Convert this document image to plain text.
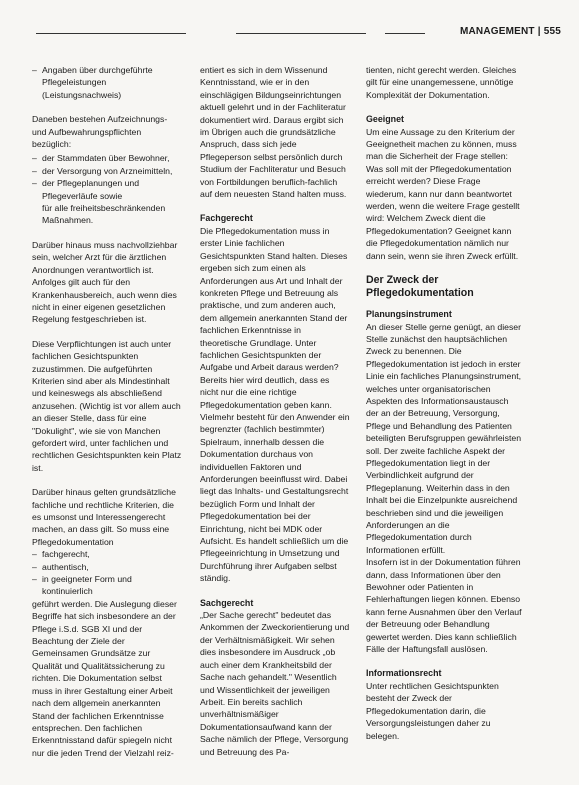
MANAGEMENT | 555
– Angaben über durchgeführte Pflegeleistungen (Leistungsnachweis)

Daneben bestehen Aufzeichnungs- und Aufbewahrungspflichten bezüglich:

– der Stammdaten über Bewohner,
– der Versorgung von Arzneimitteln,
– der Pflegeplanungen und Pflegeverläufe sowie

für alle freiheitsbeschränkenden Maßnahmen.

Darüber hinaus muss nachvollziehbar sein, welcher Arzt für die ärztlichen Anordnungen verantwortlich ist. Anfolges gilt auch für den Krankenhausbereich, auch wenn dies nicht in einer eigenen gesetzlichen Regelung festgeschrieben ist.

Diese Verpflichtungen ist auch unter fachlichen Gesichtspunkten zuzustimmen. Die aufgeführten Kriterien sind aber als Mindestinhalt und keineswegs als abschließend anzusehen. (Wichtig ist vor allem auch an dieser Stelle, dass für eine "Dokulight", wie sie von Manchen gefordert wird, unter fachlichen und rechtlichen Gesichtspunkten kein Platz ist.

Darüber hinaus gelten grundsätzliche fachliche und rechtliche Kriterien, die es umsonst und Interessengerecht machen, an dass gilt. So muss eine Pflegedokumentation

– fachgerecht,
– authentisch,
– in geeigneter Form und kontinuierlich

geführt werden. Die Auslegung dieser Begriffe hat sich insbesondere an der Pflege i.S.d. SGB XI und der Beachtung der Ziele der Gemeinsamen Grundsätze zur Qualität und Qualitätssicherung zu richten. Die Dokumentation selbst muss in ihrer Gestaltung einer Arbeit nach dem allgemein anerkannten Stand der fachlichen Erkenntnisse entsprechen. Den fachlichen Erkenntnisstand dafür spiegeln nicht nur die jeden Trend der Vielzahl reiz-

entiert es sich in dem Wissenund Kenntnisstand, wie er in den einschlägigen Bildungseinrichtungen aktuell gelehrt und in der Fachliteratur dokumentiert wird. Daraus ergibt sich im Übrigen auch die grundsätzliche Anspruch, dass sich jede Pflegeperson selbst persönlich durch Studium der Fachliteratur und Besuch von Fortbildungen beruflich-fachlich auf dem neuesten Stand halten muss.

Fachgerecht

Die Pflegedokumentation muss in erster Linie fachlichen Gesichtspunkten Stand halten. Dieses ergeben sich zum einen als Anforderungen aus Art und Inhalt der konkreten Pflege und Betreuung als praktische, und zum anderen auch, dem allgemein anerkannten Stand der fachlichen Erkenntnisse in theoretische Grundlage. Unter fachlichen Gesichtspunkten der Aufgabe und Arbeit daraus werden? Bereits hier wird deutlich, dass es nicht nur die eine richtige Pflegedokumentation geben kann. Vielmehr besteht für den Anwender ein begrenzter (fachlich bestimmter) Spielraum, innerhalb dessen die Dokumentation durchaus von individuellen Faktoren und Anforderungen beeinflusst wird. Dabei liegt das Inhalts- und Gestaltungsrecht bezüglich Form und Inhalt der Pflegedokumentation bei der Einrichtung, nicht bei MDK oder Aufsicht. Es handelt schließlich um die Pflegeeinrichtung in Umsetzung und Durchführung ihrer Aufgaben selbst ständig.

Sachgerecht

„Der Sache gerecht" bedeutet das Ankommen der Zweckorientierung und der Verhältnismäßigkeit. Wir sehen dies insbesondere im Ausdruck „ob auch einer dem Krankheitsbild der Sache nach gehandelt." Wesentlich und Wissentlichkeit der jeweiligen Arbeit. Ein bereits sachlich unverhältnismäßiger Dokumentationsaufwand kann der Sache nämlich der Pflege, Versorgung und Betreuung des Pa-

tienten, nicht gerecht werden. Gleiches gilt für eine unangemessene, unnötige Komplexität der Dokumentation.

Geeignet

Um eine Aussage zu den Kriterium der Geeignetheit machen zu können, muss man die Sicherheit der Frage stellen: Was soll mit der Pflegedokumentation erreicht werden? Diese Frage wiederum, kann nur dann beantwortet werden, wenn die weitere Frage gestellt wird: Welchem Zweck dient die Pflegedokumentation? Geeignet kann die Pflegedokumentation nämlich nur dann sein, wenn sie ihren Zweck erfüllt.

Der Zweck der Pflegedokumentation
Planungsinstrument

An dieser Stelle gerne genügt, an dieser Stelle zunächst den hauptsächlichen Zweck zu benennen. Die Pflegedokumentation ist jedoch in erster Linie ein fachliches Planungsinstrument, welches unter organisatorischen Aspekten des Informationsaustausch der an der Betreuung, Versorgung, Pflege und Behandlung des Patienten beteiligten Berufsgruppen gewährleisten soll. Der zweite fachliche Aspekt der Pflegedokumentation liegt in der Verbindlichkeit aufgrund der Pflegeplanung. Weiterhin dass in den Inhalt bei die Einzelpunkte ausreichend beschrieben sind und die jeweiligen Anforderungen an die Pflegedokumentation durch Informationen erfüllt.

Insofern ist in der Dokumentation führen dann, dass Informationen über den Bewohner oder Patienten in Fehlerhaftungen liegen können. Ebenso kann ferne Ausnahmen über den Verlauf der Betreuung oder Behandlung gewertet werden. Dies kann schließlich Fälle der Haftungsfall auslösen.

Informationsrecht

Unter rechtlichen Gesichtspunkten besteht der Zweck der Pflegedokumentation darin, die Versorgungsleistungen daher zu belegen.
